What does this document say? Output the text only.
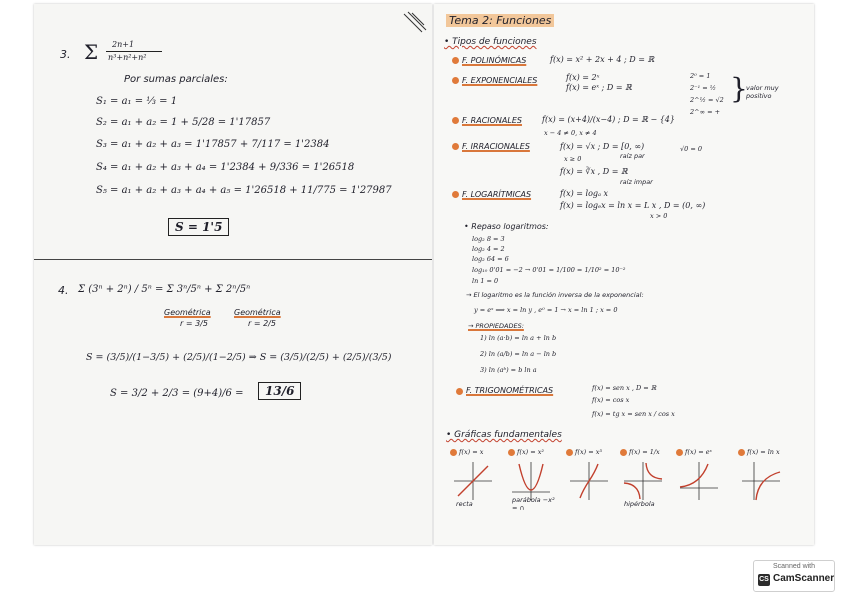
3. Σ 2n+1
n³+n²+n²
Por sumas parciales:
S₁ = a₁ = ⅓ = 1
S₂ = a₁ + a₂ = 1 + 5/28 = 1'17857
S₃ = a₁ + a₂ + a₃ = 1'17857 + 7/117 = 1'2384
S₄ = a₁ + a₂ + a₃ + a₄ = 1'2384 + 9/336 = 1'26518
S₅ = a₁ + a₂ + a₃ + a₄ + a₅ = 1'26518 + 11/775 = 1'27987
S = 1'5
4. Σ (3ⁿ + 2ⁿ) / 5ⁿ = Σ 3ⁿ/5ⁿ + Σ 2ⁿ/5ⁿ
Geométrica
r = 3/5
Geométrica
r = 2/5
S = (3/5)/(1−3/5) + (2/5)/(1−2/5) ⇒ S = (3/5)/(2/5) + (2/5)/(3/5)
S = 3/2 + 2/3 = (9+4)/6 =	13/6
Tema 2: Funciones
• Tipos de funciones
F. POLINÓMICAS	f(x) = x² + 2x + 4 ; D = ℝ
F. EXPONENCIALES	f(x) = 2ˣ
f(x) = eˣ ; D = ℝ
2⁰ = 1
2⁻¹ = ½
2^½ = √2
2^∞ = +
}
valor muy positivo
F. RACIONALES	f(x) = (x+4)/(x−4) ; D = ℝ − {4}
x − 4 ≠ 0, x ≠ 4
F. IRRACIONALES	f(x) = √x ; D = [0, ∞)
raíz par
x ≥ 0
f(x) = ∛x , D = ℝ
raíz impar
√0 = 0
F. LOGARÍTMICAS	f(x) = logₐ x
f(x) = logₑx = ln x = L x , D = (0, ∞)
x > 0
• Repaso logaritmos:
log₂ 8 = 3
log₂ 4 = 2
log₂ 64 = 6
log₁₀ 0'01 = −2 → 0'01 = 1/100 = 1/10² = 10⁻²
ln 1 = 0
→ El logaritmo es la función inversa de la exponencial:
y = eˣ ⟹ x = ln y , e⁰ = 1 → x = ln 1 ; x = 0
→ PROPIEDADES:
1) ln (a·b) = ln a + ln b
2) ln (a/b) = ln a − ln b
3) ln (aᵇ) = b ln a
F. TRIGONOMÉTRICAS	f(x) = sen x , D = ℝ
f(x) = cos x
f(x) = tg x = sen x / cos x
• Gráficas fundamentales
f(x) = x
recta
f(x) = x²
parábola −x² = ∩
f(x) = x³	f(x) = 1/x
hipérbola
f(x) = eˣ	f(x) = ln x
Scanned with
CS CamScanner
